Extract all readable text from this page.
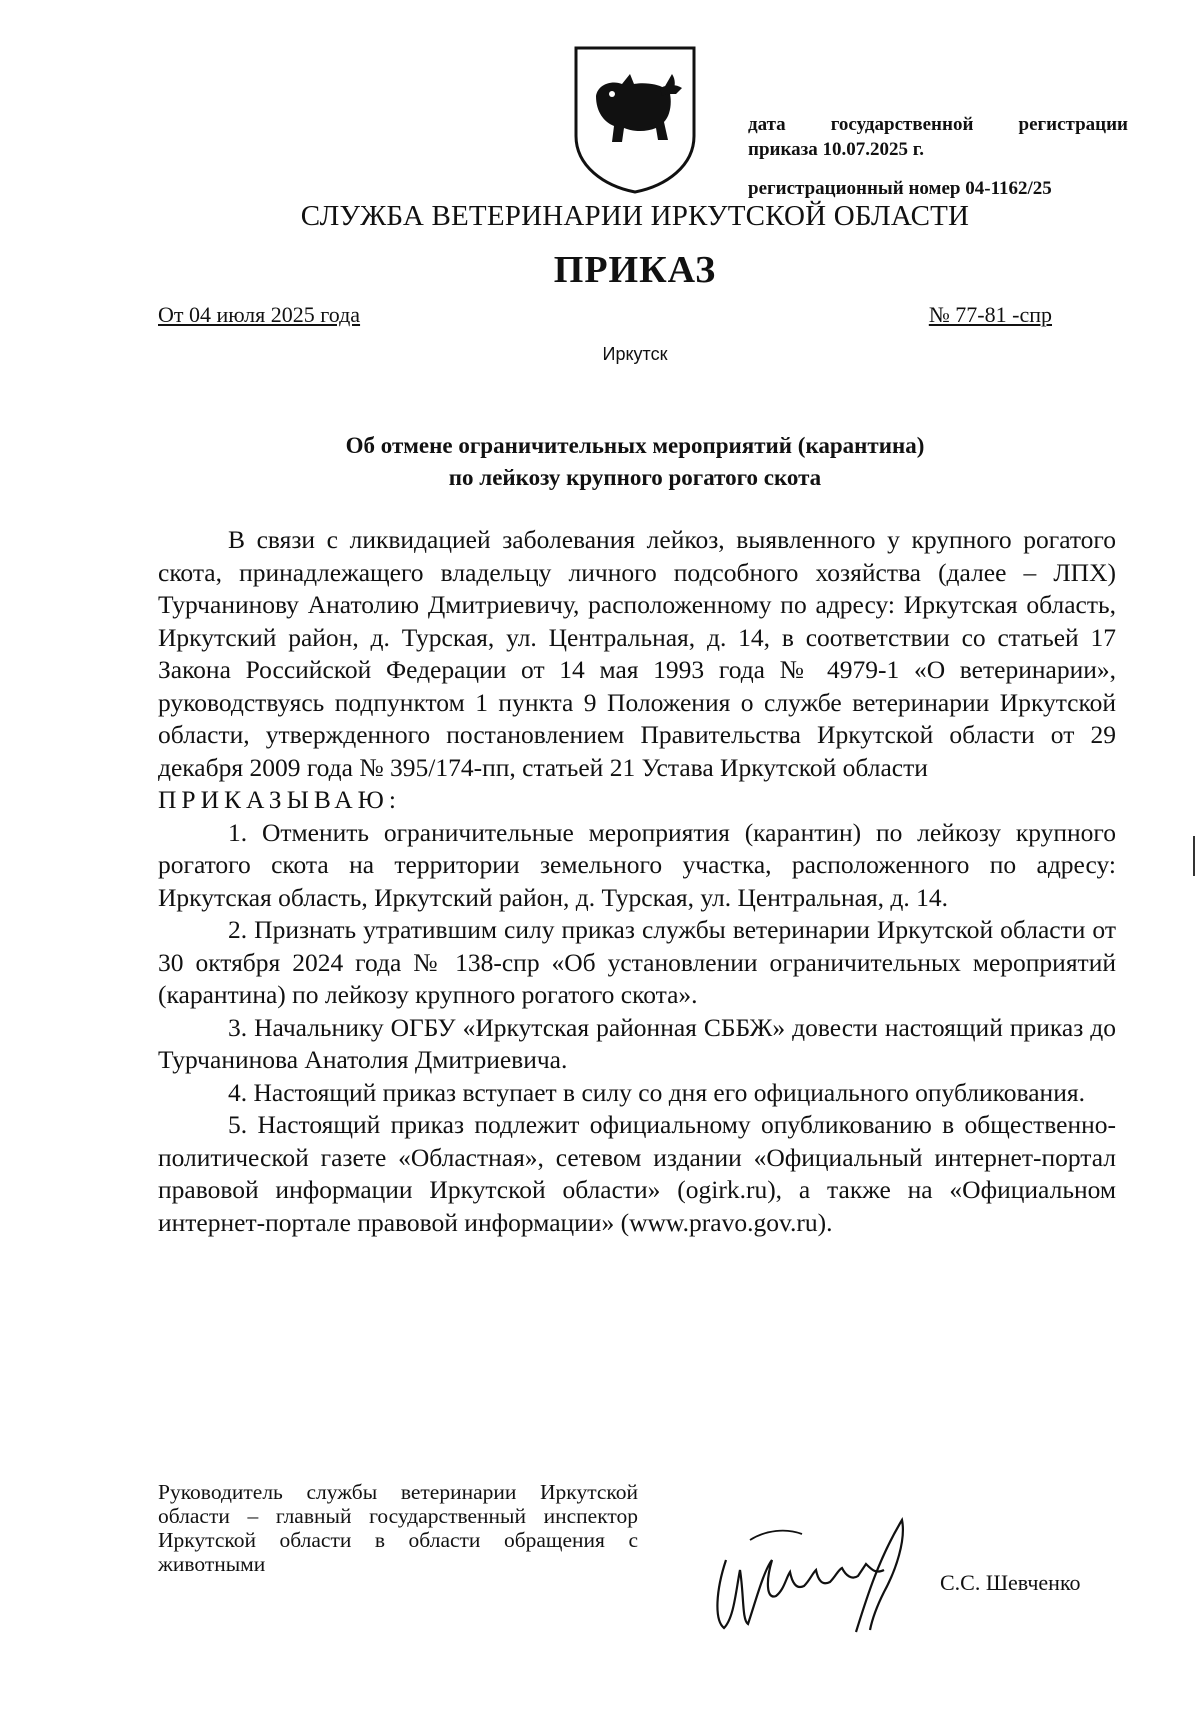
дата государственной регистрации
приказа 10.07.2025 г.
регистрационный номер 04-1162/25
СЛУЖБА ВЕТЕРИНАРИИ ИРКУТСКОЙ ОБЛАСТИ
ПРИКАЗ
От 04 июля 2025 года	№ 77-81 -спр
Иркутск
Об отмене ограничительных мероприятий (карантина)
по лейкозу крупного рогатого скота

В связи с ликвидацией заболевания лейкоз, выявленного у крупного рогатого скота, принадлежащего владельцу личного подсобного хозяйства (далее – ЛПХ) Турчанинову Анатолию Дмитриевичу, расположенному по адресу: Иркутская область, Иркутский район, д. Турская, ул. Центральная, д. 14, в соответствии со статьей 17 Закона Российской Федерации от 14 мая 1993 года № 4979-1 «О ветеринарии», руководствуясь подпунктом 1 пункта 9 Положения о службе ветеринарии Иркутской области, утвержденного постановлением Правительства Иркутской области от 29 декабря 2009 года № 395/174-пп, статьей 21 Устава Иркутской области

ПРИКАЗЫВАЮ:

1. Отменить ограничительные мероприятия (карантин) по лейкозу крупного рогатого скота на территории земельного участка, расположенного по адресу: Иркутская область, Иркутский район, д. Турская, ул. Центральная, д. 14.

2. Признать утратившим силу приказ службы ветеринарии Иркутской области от 30 октября 2024 года № 138-спр «Об установлении ограничительных мероприятий (карантина) по лейкозу крупного рогатого скота».

3. Начальнику ОГБУ «Иркутская районная СББЖ» довести настоящий приказ до Турчанинова Анатолия Дмитриевича.

4. Настоящий приказ вступает в силу со дня его официального опубликования.

5. Настоящий приказ подлежит официальному опубликованию в общественно-политической газете «Областная», сетевом издании «Официальный интернет-портал правовой информации Иркутской области» (ogirk.ru), а также на «Официальном интернет-портале правовой информации» (www.pravo.gov.ru).

Руководитель службы ветеринарии Иркутской области – главный государственный инспектор Иркутской области в области обращения с животными
С.С. Шевченко
